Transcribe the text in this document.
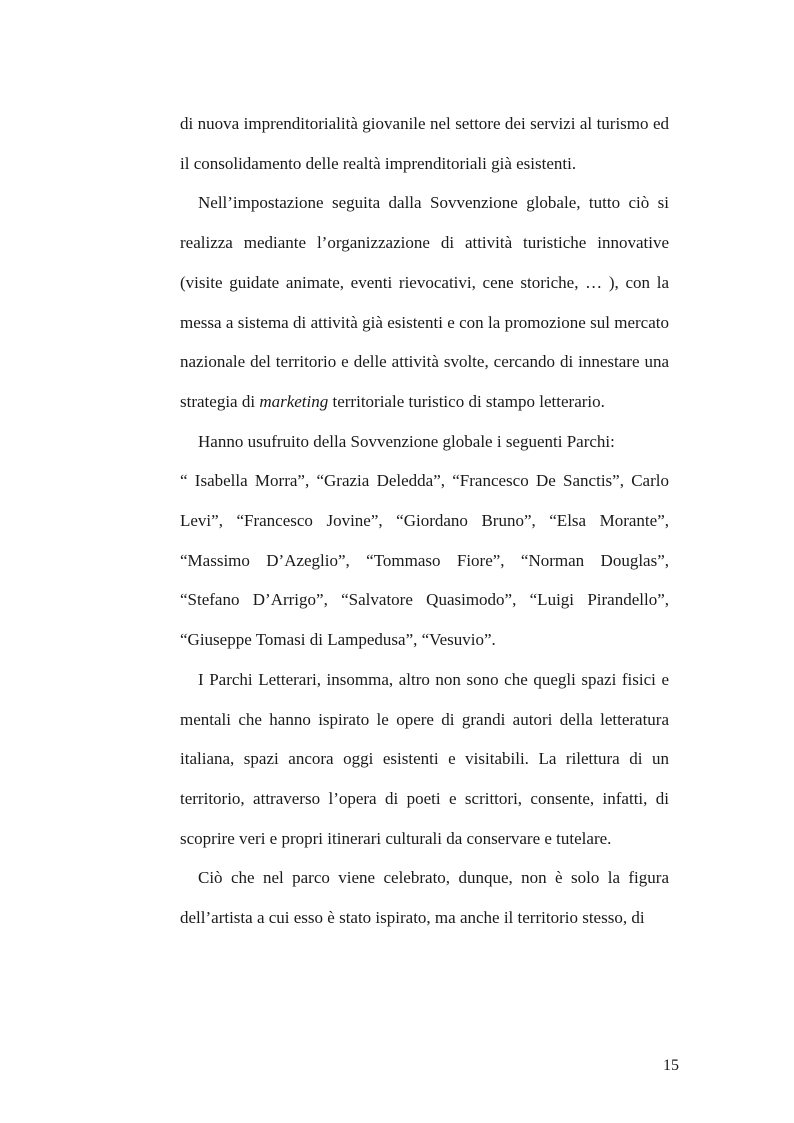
di nuova imprenditorialità giovanile nel settore dei servizi al turismo ed il consolidamento delle realtà imprenditoriali già esistenti.

Nell’impostazione seguita dalla Sovvenzione globale, tutto ciò si realizza mediante l’organizzazione di attività turistiche innovative (visite guidate animate, eventi rievocativi, cene storiche, … ), con la messa a sistema di attività già esistenti e con la promozione sul mercato nazionale del territorio e delle attività svolte, cercando di innestare una strategia di marketing territoriale turistico di stampo letterario.

Hanno usufruito della Sovvenzione globale i seguenti Parchi:

“ Isabella Morra”, “Grazia Deledda”, “Francesco De Sanctis”, Carlo Levi”, “Francesco Jovine”, “Giordano Bruno”, “Elsa Morante”, “Massimo D’Azeglio”, “Tommaso Fiore”, “Norman Douglas”, “Stefano D’Arrigo”, “Salvatore Quasimodo”, “Luigi Pirandello”, “Giuseppe Tomasi di Lampedusa”, “Vesuvio”.

I Parchi Letterari, insomma, altro non sono che quegli spazi fisici e mentali che hanno ispirato le opere di grandi autori della letteratura italiana, spazi ancora oggi esistenti e visitabili. La rilettura di un territorio, attraverso l’opera di poeti e scrittori, consente, infatti, di scoprire veri e propri itinerari culturali da conservare e tutelare.

Ciò che nel parco viene celebrato, dunque, non è solo la figura dell’artista a cui esso è stato ispirato, ma anche il territorio stesso, di

15
